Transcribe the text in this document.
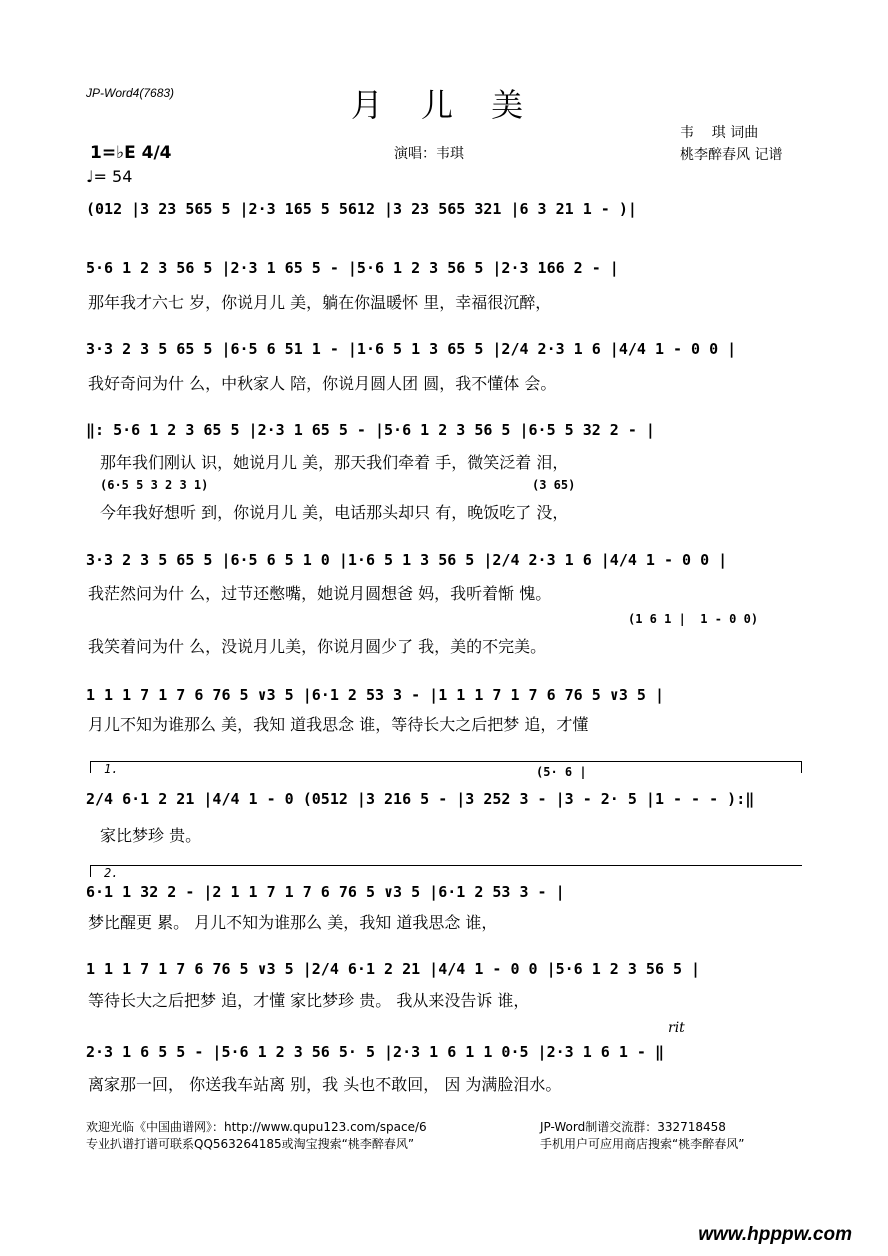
JP-Word4(7683)	月 儿 美
韦    琪 词曲
桃李醉春风 记谱
演唱：韦琪
1=♭E 4/4
♩= 54
(012 |3 23 565 5 |2·3 165 5 5612 |3 23 565 321 |6 3 21 1 - )|
5·6 1 2 3 56 5 |2·3 1 65 5 - |5·6 1 2 3 56 5 |2·3 166 2 - |
那年我才六七 岁，你说月儿 美，躺在你温暖怀 里，幸福很沉醉，
3·3 2 3 5 65 5 |6·5 6 51 1 - |1·6 5 1 3 65 5 |2/4 2·3 1 6 |4/4 1 - 0 0 |
我好奇问为什 么，中秋家人 陪，你说月圆人团 圆，我不懂体 会。
‖: 5·6 1 2 3 65 5 |2·3 1 65 5 - |5·6 1 2 3 56 5 |6·5 5 32 2 - |
那年我们刚认 识，她说月儿 美，那天我们牵着 手，微笑泛着 泪，
(6·5 5 3 2 3 1)	(3 65)
今年我好想听 到，你说月儿 美，电话那头却只 有，晚饭吃了 没，
3·3 2 3 5 65 5 |6·5 6 5 1 0 |1·6 5 1 3 56 5 |2/4 2·3 1 6 |4/4 1 - 0 0 |
我茫然问为什 么，过节还憋嘴，她说月圆想爸 妈，我听着惭 愧。
(1 6 1 |  1 - 0 0)
我笑着问为什 么，没说月儿美，你说月圆少了 我，美的不完美。
1 1 1 7 1 7 6 76 5 ∨3 5 |6·1 2 53 3 - |1 1 1 7 1 7 6 76 5 ∨3 5 |
月儿不知为谁那么 美，我知 道我思念 谁，等待长大之后把梦 追，才懂
1.	(5· 6 |
2/4 6·1 2 21 |4/4 1 - 0 (0512 |3 216 5 - |3 252 3 - |3 - 2· 5 |1 - - - ):‖
家比梦珍 贵。
2.
6·1 1 32 2 - |2 1 1 7 1 7 6 76 5 ∨3 5 |6·1 2 53 3 - |
梦比醒更 累。 月儿不知为谁那么 美，我知 道我思念 谁，
1 1 1 7 1 7 6 76 5 ∨3 5 |2/4 6·1 2 21 |4/4 1 - 0 0 |5·6 1 2 3 56 5 |
等待长大之后把梦 追，才懂 家比梦珍 贵。 我从来没告诉 谁，
rit
2·3 1 6 5 5 - |5·6 1 2 3 56 5· 5 |2·3 1 6 1 1 0·5 |2·3 1 6 1 - ‖
离家那一回， 你送我车站离 别，我 头也不敢回， 因 为满脸泪水。
欢迎光临《中国曲谱网》：http://www.qupu123.com/space/6
专业扒谱打谱可联系QQ563264185或淘宝搜索“桃李醉春风”
JP-Word制谱交流群：332718458
手机用户可应用商店搜索“桃李醉春风”
www.hpppw.com
